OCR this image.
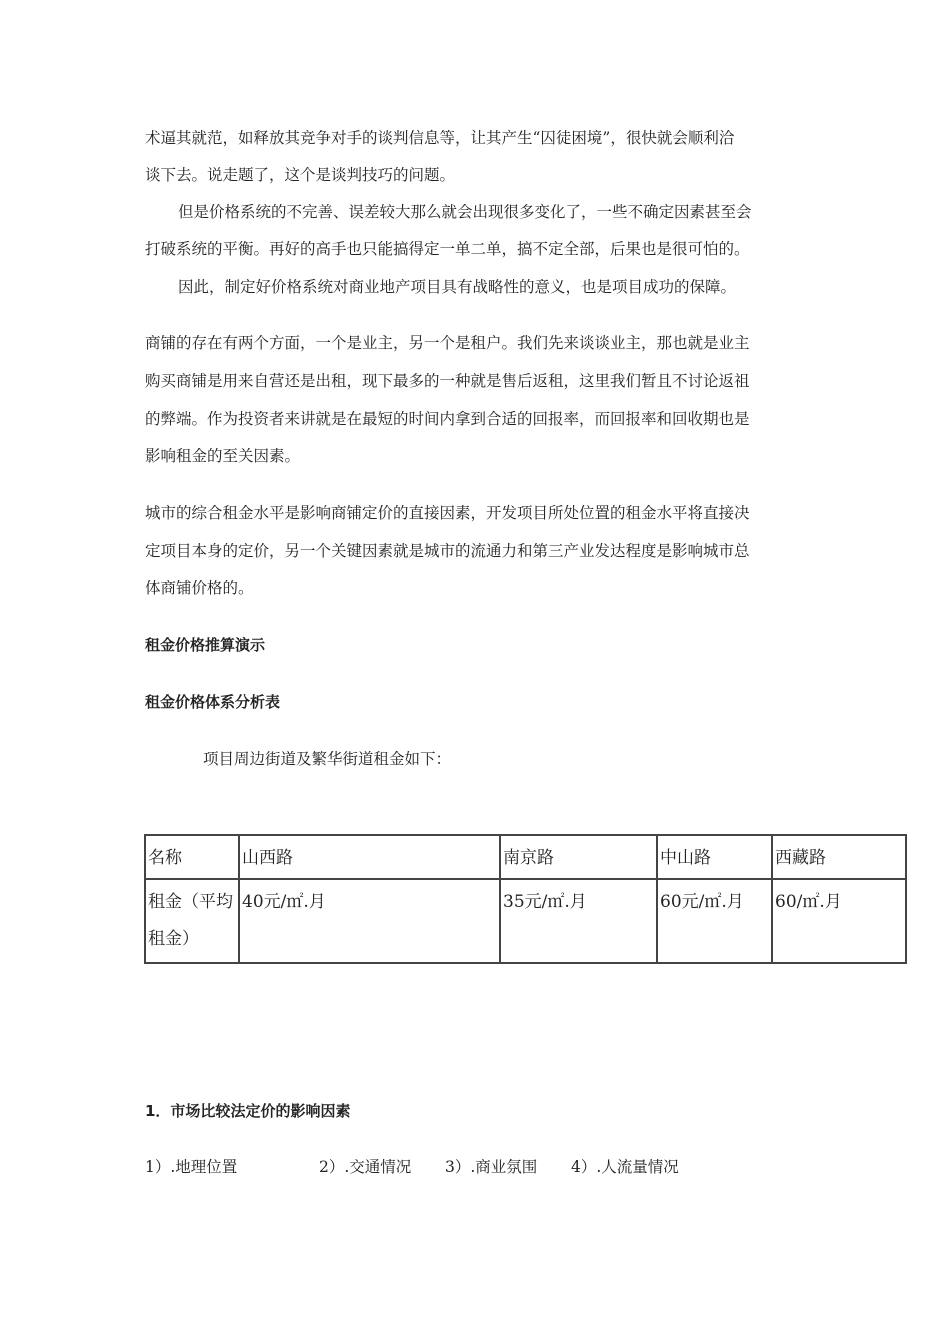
术逼其就范，如释放其竞争对手的谈判信息等，让其产生“囚徒困境”，很快就会顺利洽
谈下去。说走题了，这个是谈判技巧的问题。
但是价格系统的不完善、误差较大那么就会出现很多变化了，一些不确定因素甚至会
打破系统的平衡。再好的高手也只能搞得定一单二单，搞不定全部，后果也是很可怕的。
因此，制定好价格系统对商业地产项目具有战略性的意义，也是项目成功的保障。
商铺的存在有两个方面，一个是业主，另一个是租户。我们先来谈谈业主，那也就是业主
购买商铺是用来自营还是出租，现下最多的一种就是售后返租，这里我们暂且不讨论返祖
的弊端。作为投资者来讲就是在最短的时间内拿到合适的回报率，而回报率和回收期也是
影响租金的至关因素。
城市的综合租金水平是影响商铺定价的直接因素，开发项目所处位置的租金水平将直接决
定项目本身的定价，另一个关键因素就是城市的流通力和第三产业发达程度是影响城市总
体商铺价格的。
租金价格推算演示
租金价格体系分析表
项目周边街道及繁华街道租金如下：
名称	山西路	南京路	中山路	西藏路
租金（平均租金）	40元/㎡.月	35元/㎡.月	60元/㎡.月	60/㎡.月
1．市场比较法定价的影响因素
1）.地理位置	2）.交通情况 3）.商业氛围 4）.人流量情况
